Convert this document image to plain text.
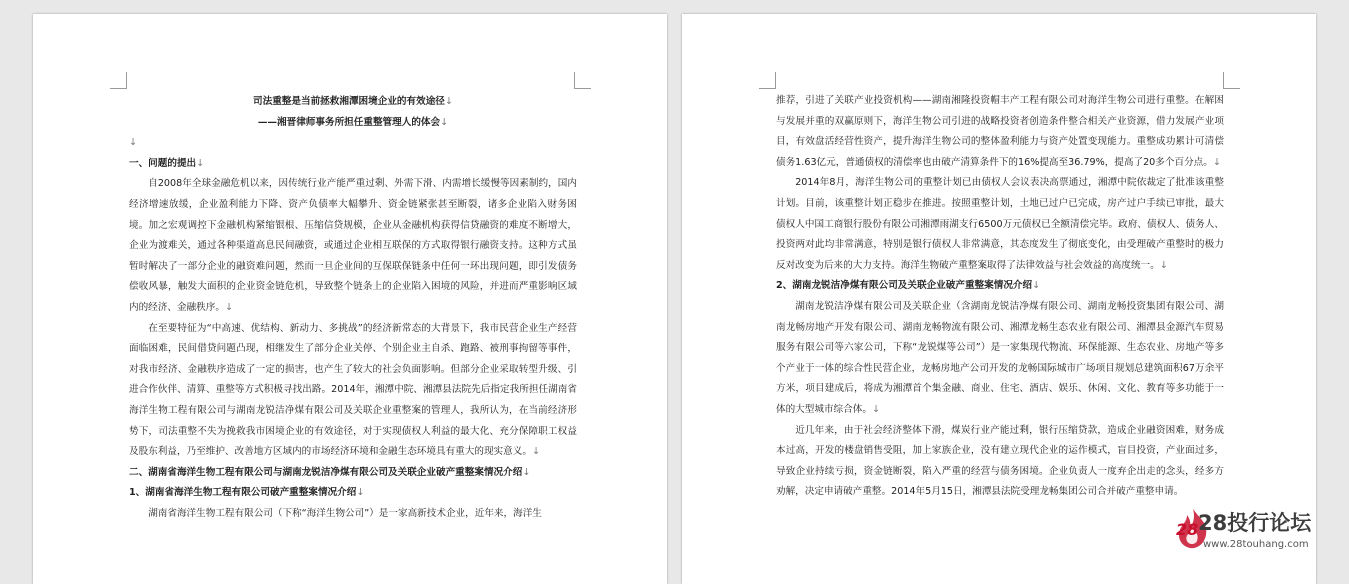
司法重整是当前拯救湘潭困境企业的有效途径↓

——湘晋律师事务所担任重整管理人的体会↓

↓

一、问题的提出↓

自2008年全球金融危机以来，因传统行业产能严重过剩、外需下滑、内需增长缓慢等因素制约，国内经济增速放缓，企业盈利能力下降、资产负债率大幅攀升、资金链紧张甚至断裂，诸多企业陷入财务困境。加之宏观调控下金融机构紧缩银根、压缩信贷规模，企业从金融机构获得信贷融资的难度不断增大，企业为渡难关，通过各种渠道高息民间融资，或通过企业相互联保的方式取得银行融资支持。这种方式虽暂时解决了一部分企业的融资难问题，然而一旦企业间的互保联保链条中任何一环出现问题，即引发债务偿收风暴，触发大面积的企业资金链危机，导致整个链条上的企业陷入困境的风险，并进而严重影响区域内的经济、金融秩序。↓

在至要特征为“中高速、优结构、新动力、多挑战”的经济新常态的大背景下，我市民营企业生产经营面临困难，民间借贷问题凸现，相继发生了部分企业关停、个别企业主自杀、跑路、被刑事拘留等事件，对我市经济、金融秩序造成了一定的损害，也产生了较大的社会负面影响。但部分企业采取转型升级、引进合作伙伴、清算、重整等方式积极寻找出路。2014年，湘潭中院、湘潭县法院先后指定我所担任湖南省海洋生物工程有限公司与湖南龙锐洁净煤有限公司及关联企业重整案的管理人，我所认为，在当前经济形势下，司法重整不失为挽救我市困境企业的有效途径，对于实现债权人利益的最大化、充分保障职工权益及股东利益，乃至维护、改善地方区域内的市场经济环境和金融生态环境具有重大的现实意义。↓

二、湖南省海洋生物工程有限公司与湖南龙锐洁净煤有限公司及关联企业破产重整案情况介绍↓

1、湖南省海洋生物工程有限公司破产重整案情况介绍↓

湖南省海洋生物工程有限公司（下称“海洋生物公司”）是一家高新技术企业，近年来，海洋生

推荐，引进了关联产业投资机构——湖南湘隆投资帽丰产工程有限公司对海洋生物公司进行重整。在解困与发展并重的双赢原则下，海洋生物公司引进的战略投资者创造条件整合相关产业资源，借力发展产业项目，有效盘活经营性资产，提升海洋生物公司的整体盈利能力与资产处置变现能力。重整成功累计可清偿债务1.63亿元，普通债权的清偿率也由破产清算条件下的16%提高至36.79%，提高了20多个百分点。↓

2014年8月，海洋生物公司的重整计划已由债权人会议表决高票通过，湘潭中院依裁定了批准该重整计划。目前，该重整计划正稳步在推进。按照重整计划，土地已过户已完成，房产过户手续已审批，最大债权人中国工商银行股份有限公司湘潭雨湖支行6500万元债权已全额清偿完毕。政府、债权人、债务人、投资两对此均非常满意，特别是银行债权人非常满意，其态度发生了彻底变化，由受理破产重整时的极力反对改变为后来的大力支持。海洋生物破产重整案取得了法律效益与社会效益的高度统一。↓

2、湖南龙锐洁净煤有限公司及关联企业破产重整案情况介绍↓

湖南龙锐洁净煤有限公司及关联企业（含湖南龙锐洁净煤有限公司、湖南龙畅投资集团有限公司、湖南龙畅房地产开发有限公司、湖南龙畅物流有限公司、湘潭龙畅生态农业有限公司、湘潭县金源汽车贸易服务有限公司等六家公司，下称“龙锐煤等公司”）是一家集现代物流、环保能源、生态农业、房地产等多个产业于一体的综合性民营企业，龙畅房地产公司开发的龙畅国际城市广场项目规划总建筑面积67万余平方米，项目建成后，将成为湘潭首个集金融、商业、住宅、酒店、娱乐、休闲、文化、教育等多功能于一体的大型城市综合体。↓

近几年来，由于社会经济整体下滑，煤炭行业产能过剩，银行压缩贷款，造成企业融资困难，财务成本过高，开发的楼盘销售受阻，加上家族企业，没有建立现代企业的运作模式，盲目投资，产业面过多，导致企业持续亏损，资金链断裂，陷入严重的经营与债务困境。企业负责人一度弃企出走的念头，经多方劝解，决定申请破产重整。2014年5月15日，湘潭县法院受理龙畅集团公司合并破产重整申请。

28 28投行论坛
www.28touhang.com
